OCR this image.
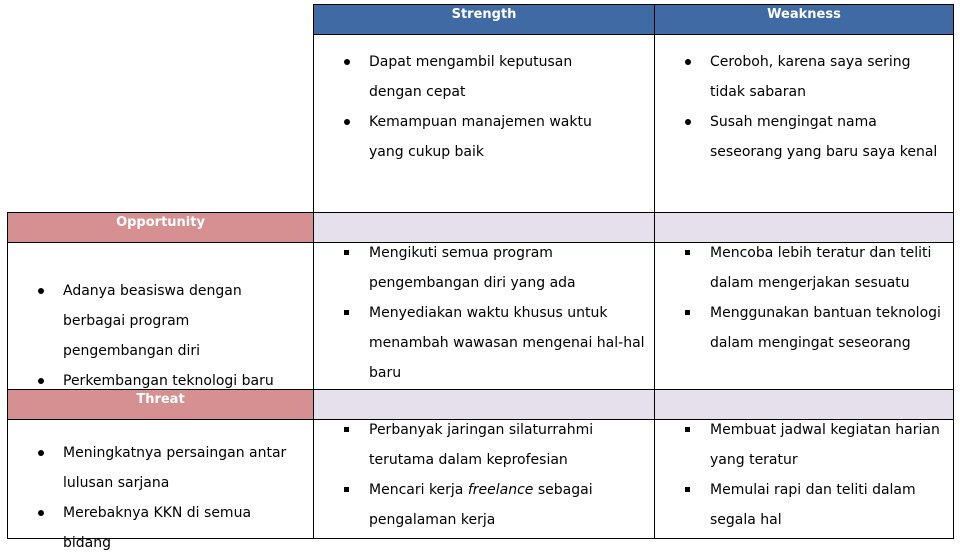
Strength	Weakness
Dapat mengambil keputusan dengan cepat
Kemampuan manajemen waktu yang cukup baik
Ceroboh, karena saya sering tidak sabaran
Susah mengingat nama seseorang yang baru saya kenal
Opportunity
Adanya beasiswa dengan berbagai program pengembangan diri
Perkembangan teknologi baru
Mengikuti semua program pengembangan diri yang ada
Menyediakan waktu khusus untuk menambah wawasan mengenai hal-hal baru
Mencoba lebih teratur dan teliti dalam mengerjakan sesuatu
Menggunakan bantuan teknologi dalam mengingat seseorang
Threat
Meningkatnya persaingan antar lulusan sarjana
Merebaknya KKN di semua bidang
Perbanyak jaringan silaturrahmi terutama dalam keprofesian
Mencari kerja freelance sebagai pengalaman kerja
Membuat jadwal kegiatan harian yang teratur
Memulai rapi dan teliti dalam segala hal
